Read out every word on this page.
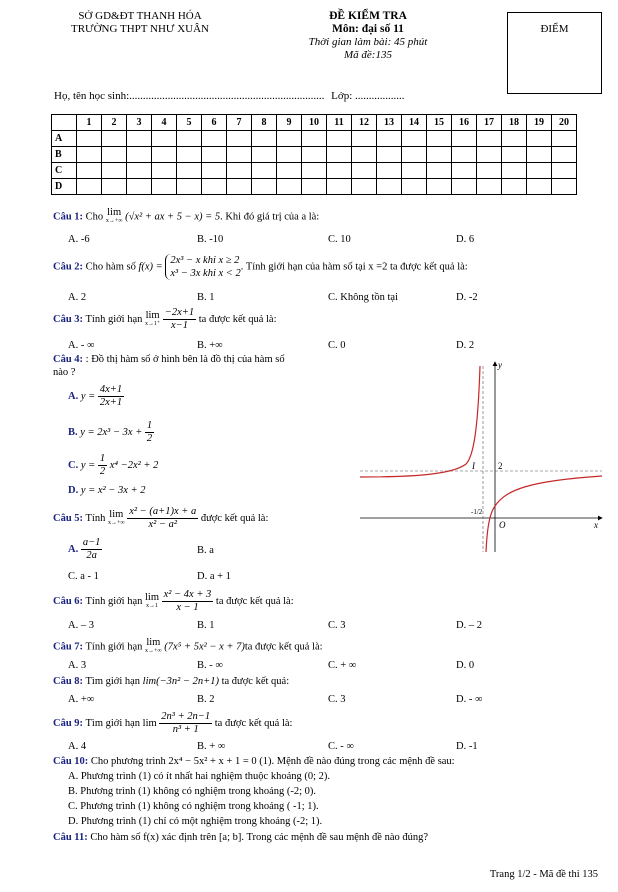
SỞ GD&ĐT THANH HÓA
TRƯỜNG THPT NHƯ XUÂN
ĐỀ KIỂM TRA
Môn: đại số 11
Thời gian làm bài: 45 phút
Mã đề:135
ĐIỂM
Họ, tên học sinh:....................................................................... Lớp: ..................
	1	2	3	4	5	6	7	8	9	10	11	12	13	14	15	16	17	18	19	20
A																				
B																				
C																				
D																				
Câu 1: Cho lim
x→+∞ (√x² + ax + 5 − x) = 5. Khi đó giá trị của a là:
A. -6	B. -10	C. 10	D. 6
Câu 2: Cho hàm số f(x) =
2x³ − x khi x ≥ 2
x³ − 3x khi x < 2
. Tính giới hạn của hàm số tại x =2 ta được kết quả là:
A. 2	B. 1	C. Không tồn tại	D. -2
Câu 3: Tính giới hạn lim
x→1⁺
$\frac{-2x+1}{x-1}$ ta được kết quả là:
A. - ∞	B. +∞	C. 0	D. 2
Câu 4: : Đồ thị hàm số ở hình bên là đồ thị của hàm số
nào ?
A. $y = \frac{4x+1}{2x+1}$
B. $y = 2x^3 - 3x + \frac{1}{2}$
C. $y = \frac{1}{2} x^4 -2x^2 + 2$
D. y = x² − 3x + 2
y
x
O
I	2
-1/2
Câu 5: Tính lim
x→+∞
$\frac{\text{x² − (a+1)x + a}}{\text{x² − a²}}$ được kết quả là:
A. $\frac{a-1}{2a}$	B. a
C. a - 1	D. a + 1
Câu 6: Tính giới hạn lim
x→1
$\frac{\text{x² − 4x + 3}}{x - 1}$ ta được kết quả là:
A. – 3	B. 1	C. 3	D. – 2
Câu 7: Tính giới hạn lim
x→+∞ (7x⁵ + 5x² − x + 7)ta được kết quả là:
A. 3	B. - ∞	C. + ∞	D. 0
Câu 8: Tìm giới hạn lim(−3n² − 2n+1) ta được kết quả:
A. +∞	B. 2	C. 3	D. - ∞
Câu 9: Tìm giới hạn $\lim \frac{\text{2n³ + 2n−1}}{\text{n³ + 1}}$ ta được kết quả là:
A. 4	B. + ∞	C. - ∞	D. -1
Câu 10: Cho phương trình 2x⁴ − 5x² + x + 1 = 0 (1). Mệnh đề nào đúng trong các mệnh đề sau:
A. Phương trình (1) có ít nhất hai nghiệm thuộc khoảng (0; 2).
B. Phương trình (1) không có nghiệm trong khoảng (-2; 0).
C. Phương trình (1) không có nghiệm trong khoảng ( -1; 1).
D. Phương trình (1) chỉ có một nghiệm trong khoảng (-2; 1).
Câu 11: Cho hàm số f(x) xác định trên [a; b]. Trong các mệnh đề sau mệnh đề nào đúng?
Trang 1/2 - Mã đề thi 135
